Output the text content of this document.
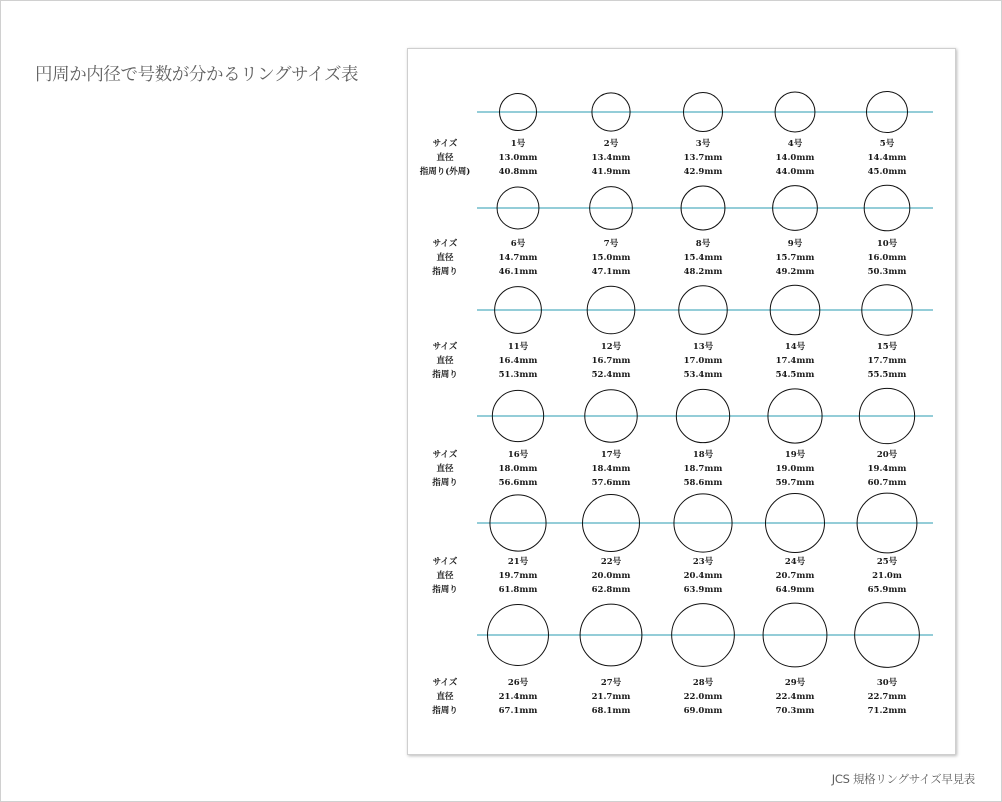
円周か内径で号数が分かるリングサイズ表
サイズ
直径
指周り(外周)
1号
13.0mm
40.8mm
2号
13.4mm
41.9mm
3号
13.7mm
42.9mm
4号
14.0mm
44.0mm
5号
14.4mm
45.0mm
サイズ
直径
指周り
6号
14.7mm
46.1mm
7号
15.0mm
47.1mm
8号
15.4mm
48.2mm
9号
15.7mm
49.2mm
10号
16.0mm
50.3mm
サイズ
直径
指周り
11号
16.4mm
51.3mm
12号
16.7mm
52.4mm
13号
17.0mm
53.4mm
14号
17.4mm
54.5mm
15号
17.7mm
55.5mm
サイズ
直径
指周り
16号
18.0mm
56.6mm
17号
18.4mm
57.6mm
18号
18.7mm
58.6mm
19号
19.0mm
59.7mm
20号
19.4mm
60.7mm
サイズ
直径
指周り
21号
19.7mm
61.8mm
22号
20.0mm
62.8mm
23号
20.4mm
63.9mm
24号
20.7mm
64.9mm
25号
21.0m
65.9mm
サイズ
直径
指周り
26号
21.4mm
67.1mm
27号
21.7mm
68.1mm
28号
22.0mm
69.0mm
29号
22.4mm
70.3mm
30号
22.7mm
71.2mm
JCS 規格リングサイズ早見表
